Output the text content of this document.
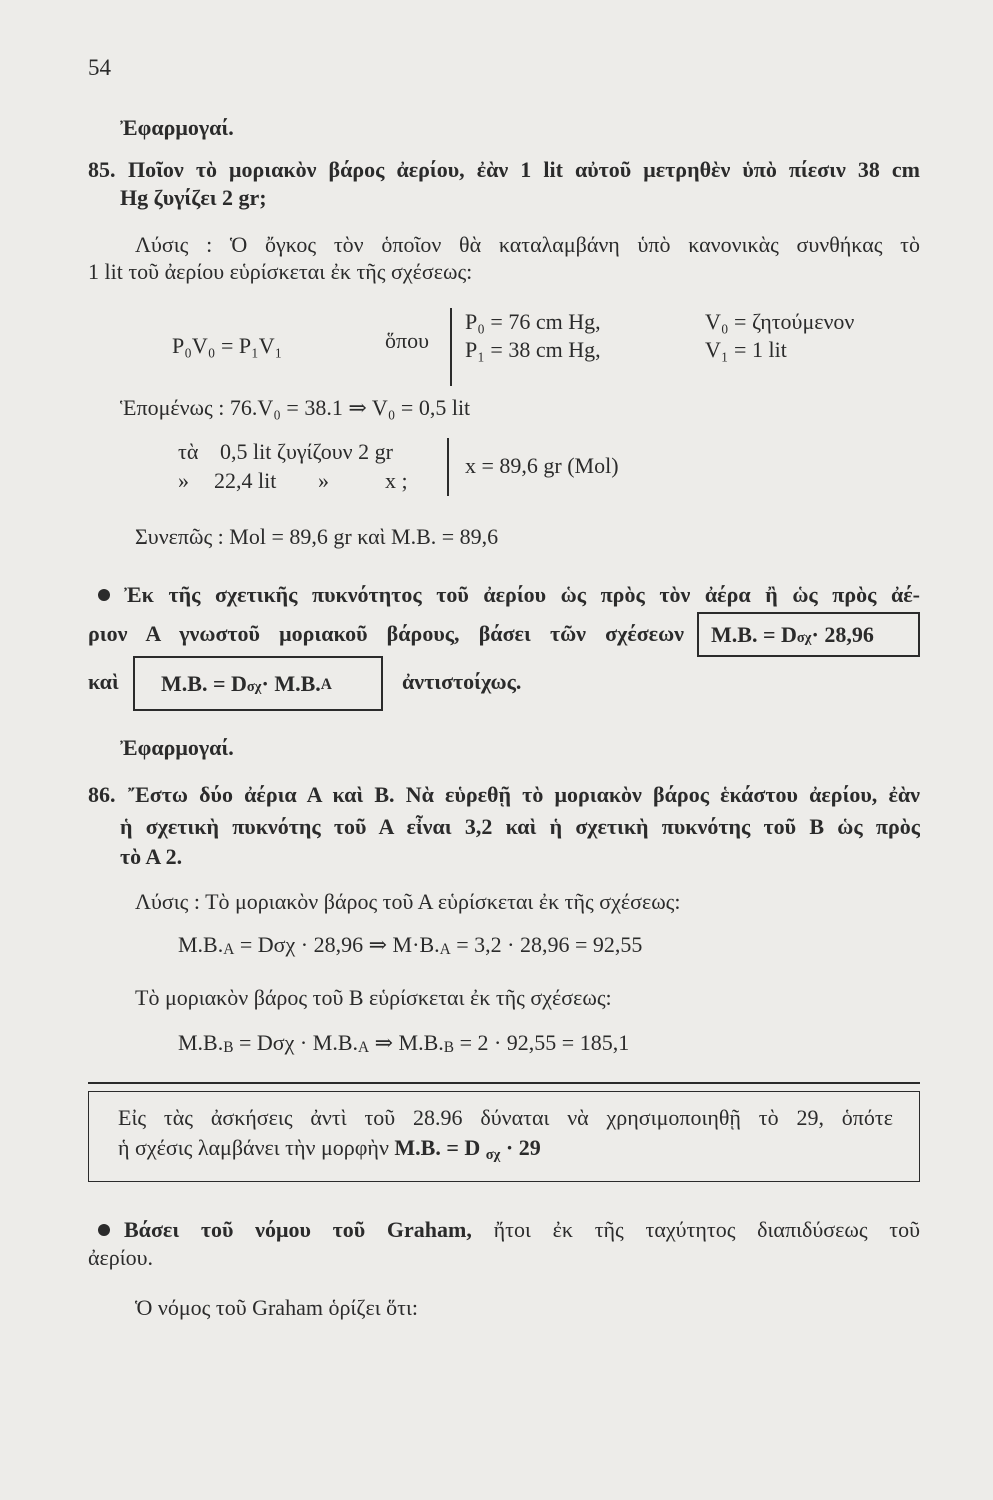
54
Ἐφαρμογαί.
85. Ποῖον τὸ μοριακὸν βάρος ἀερίου, ἐὰν 1 lit αὐτοῦ μετρηθὲν ὑπὸ πίεσιν 38 cm
Hg ζυγίζει 2 gr;
Λύσις : Ὁ ὄγκος τὸν ὁποῖον θὰ καταλαμβάνη ὑπὸ κανονικὰς συνθήκας τὸ
1 lit τοῦ ἀερίου εὑρίσκεται ἐκ τῆς σχέσεως:
P₀V₀ = P₁V₁	ὅπου
P₀ = 76 cm Hg,	V₀ = ζητούμενον
P₁ = 38 cm Hg,	V₁ = 1 lit
Ἑπομένως : 76.V₀ = 38.1 ⇒ V₀ = 0,5 lit
τὰ 0,5 lit ζυγίζουν 2 gr
» 22,4 lit »	x ;
x = 89,6 gr (Mol)
Συνεπῶς : Mol = 89,6 gr καὶ M.B. = 89,6
Ἐκ τῆς σχετικῆς πυκνότητος τοῦ ἀερίου ὡς πρὸς τὸν ἀέρα ἢ ὡς πρὸς ἀέ-
ριον Α γνωστοῦ μοριακοῦ βάρους, βάσει τῶν σχέσεων M.B. = D σχ · 28,96
καὶ M.B. = D σχ · M.B. Α	ἀντιστοίχως.
Ἐφαρμογαί.
86. Ἔστω δύο ἀέρια Α καὶ Β. Νὰ εὑρεθῇ τὸ μοριακὸν βάρος ἑκάστου ἀερίου, ἐὰν
ἡ σχετικὴ πυκνότης τοῦ Α εἶναι 3,2 καὶ ἡ σχετικὴ πυκνότης τοῦ Β ὡς πρὸς
τὸ Α 2.
Λύσις : Τὸ μοριακὸν βάρος τοῦ Α εὑρίσκεται ἐκ τῆς σχέσεως:
M.B.Α = Dσχ · 28,96 ⇒ M·B.Α = 3,2 · 28,96 = 92,55
Τὸ μοριακὸν βάρος τοῦ Β εὑρίσκεται ἐκ τῆς σχέσεως:
M.B.Β = Dσχ · M.B.Α ⇒ M.B.Β = 2 · 92,55 = 185,1
Εἰς τὰς ἀσκήσεις ἀντὶ τοῦ 28.96 δύναται νὰ χρησιμοποιηθῇ τὸ 29, ὁπότε
ἡ σχέσις λαμβάνει τὴν μορφὴν M.B. = D σχ · 29
Βάσει τοῦ νόμου τοῦ Graham, ἤτοι ἐκ τῆς ταχύτητος διαπιδύσεως τοῦ
ἀερίου.
Ὁ νόμος τοῦ Graham ὁρίζει ὅτι:
